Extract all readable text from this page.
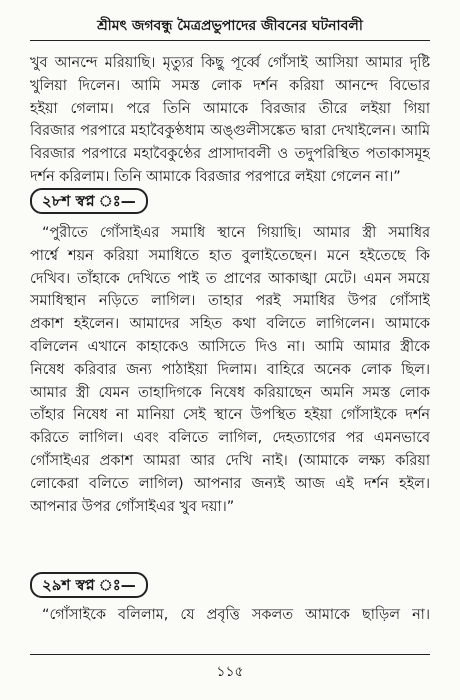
শ্রীমৎ জগবন্ধু মৈত্রপ্রভুপাদের জীবনের ঘটনাবলী
খুব আনন্দে মরিয়াছি। মৃত্যুর কিছু পূর্ব্বে গোঁসাই আসিয়া আমার দৃষ্টি
খুলিয়া দিলেন। আমি সমস্ত লোক দর্শন করিয়া আনন্দে বিভোর
হইয়া গেলাম। পরে তিনি আমাকে বিরজার তীরে লইয়া গিয়া
বিরজার পরপারে মহাবৈকুণ্ঠধাম অঙ্গুলীসঙ্কেত দ্বারা দেখাইলেন। আমি
বিরজার পরপারে মহাবৈকুণ্ঠের প্রাসাদাবলী ও তদুপরিস্থিত পতাকাসমূহ
দর্শন করিলাম। তিনি আমাকে বিরজার পরপারে লইয়া গেলেন না।”
২৮শ স্বপ্ন ঃ—
“পুরীতে গোঁসাইএর সমাধি স্থানে গিয়াছি। আমার স্ত্রী সমাধির
পার্শ্বে শয়ন করিয়া সমাধিতে হাত বুলাইতেছেন। মনে হইতেছে কি
দেখিব। তাঁহাকে দেখিতে পাই ত প্রাণের আকাঙ্খা মেটে। এমন সময়ে
সমাধিস্থান নড়িতে লাগিল। তাহার পরই সমাধির উপর গোঁসাই
প্রকাশ হইলেন। আমাদের সহিত কথা বলিতে লাগিলেন। আমাকে
বলিলেন এখানে কাহাকেও আসিতে দিও না। আমি আমার স্ত্রীকে
নিষেধ করিবার জন্য পাঠাইয়া দিলাম। বাহিরে অনেক লোক ছিল।
আমার স্ত্রী যেমন তাহাদিগকে নিষেধ করিয়াছেন অমনি সমস্ত লোক
তাঁহার নিষেধ না মানিয়া সেই স্থানে উপস্থিত হইয়া গোঁসাইকে দর্শন
করিতে লাগিল। এবং বলিতে লাগিল, দেহত্যাগের পর এমনভাবে
গোঁসাইএর প্রকাশ আমরা আর দেখি নাই। (আমাকে লক্ষ্য করিয়া
লোকেরা বলিতে লাগিল) আপনার জন্যই আজ এই দর্শন হইল।
আপনার উপর গোঁসাইএর খুব দয়া।”
২৯শ স্বপ্ন ঃ—
“গোঁসাইকে বলিলাম, যে প্রবৃত্তি সকলত আমাকে ছাড়িল না।
১১৫
